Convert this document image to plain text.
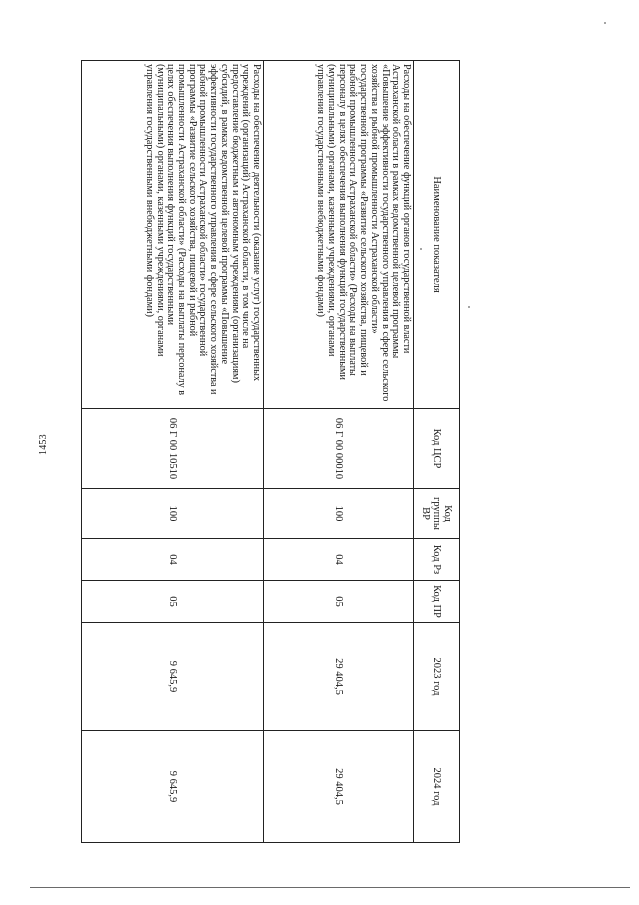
1453
Наименование показателя	Код ЦСР	Код группы ВР	Код Рз	Код ПР	2023 год	2024 год
Расходы на обеспечение функций органов государственной власти Астраханской области в рамках ведомственной целевой программы «Повышение эффективности государственного управления в сфере сельского хозяйства и рыбной промышленности Астраханской области» государственной программы «Развитие сельского хозяйства, пищевой и рыбной промышленности Астраханской области» (Расходы на выплаты персоналу в целях обеспечения выполнения функций государственными (муниципальными) органами, казенными учреждениями, органами управления государственными внебюджетными фондами)	06 Г 00 00010	100	04	05	29 404,5	29 404,5
Расходы на обеспечение деятельности (оказание услуг) государственных учреждений (организаций) Астраханской области, в том числе на предоставление бюджетным и автономным учреждениям (организациям) субсидий, в рамках ведомственной целевой программы «Повышение эффективности государственного управления в сфере сельского хозяйства и рыбной промышленности Астраханской области» государственной программы «Развитие сельского хозяйства, пищевой и рыбной промышленности Астраханской области» (Расходы на выплаты персоналу в целях обеспечения выполнения функций государственными (муниципальными) органами, казенными учреждениями, органами управления государственными внебюджетными фондами)	06 Г 00 10510	100	04	05	9 645,9	9 645,9
